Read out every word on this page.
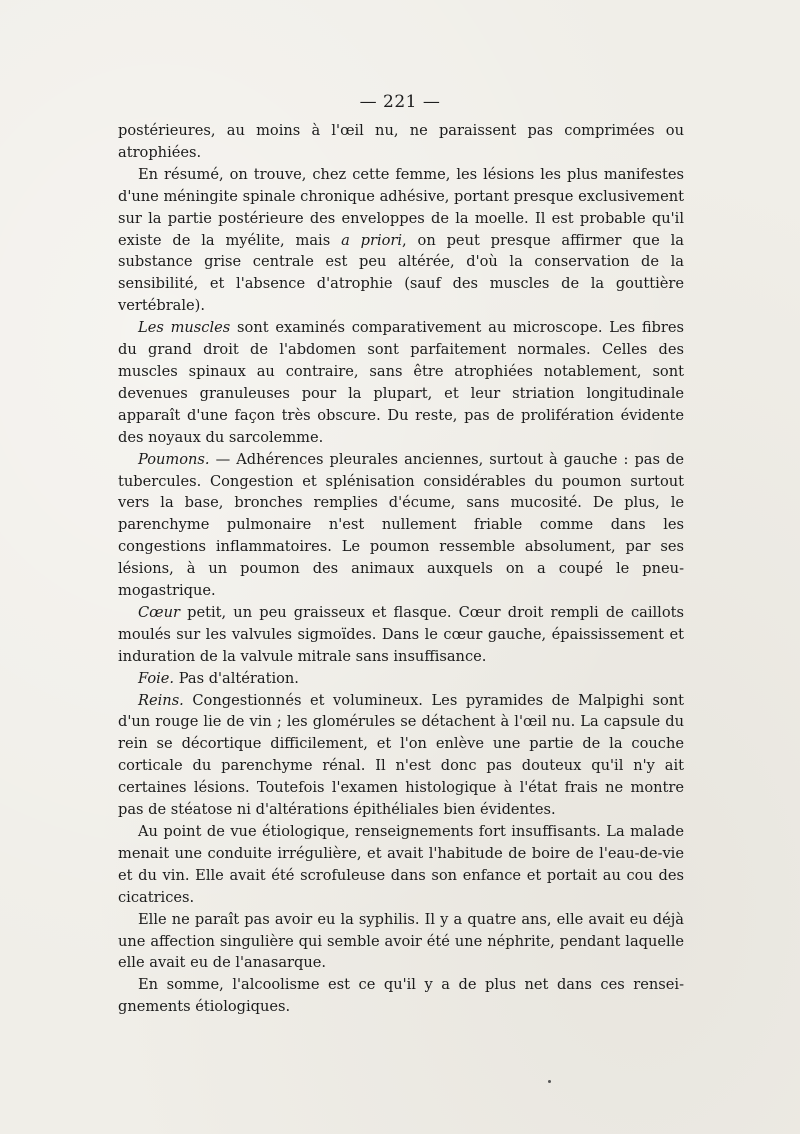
— 221 —

postérieures, au moins à l'œil nu, ne paraissent pas comprimées ou atrophiées.

En résumé, on trouve, chez cette femme, les lésions les plus manifestes d'une méningite spinale chronique adhésive, portant presque exclusivement sur la partie postérieure des enveloppes de la moelle. Il est probable qu'il existe de la myélite, mais a priori, on peut presque affirmer que la substance grise centrale est peu altérée, d'où la conservation de la sensibilité, et l'absence d'atrophie (sauf des muscles de la gouttière vertébrale).

Les muscles sont examinés comparativement au microscope. Les fibres du grand droit de l'abdomen sont parfaitement normales. Celles des muscles spinaux au contraire, sans être atrophiées notablement, sont devenues granuleuses pour la plupart, et leur striation longitudinale apparaît d'une façon très obscure. Du reste, pas de prolifération évidente des noyaux du sarcolemme.

Poumons. — Adhérences pleurales anciennes, surtout à gauche : pas de tubercules. Congestion et splénisation considérables du poumon surtout vers la base, bronches remplies d'écume, sans mucosité. De plus, le parenchyme pulmonaire n'est nullement friable comme dans les congestions inflammatoires. Le poumon ressemble absolument, par ses lésions, à un poumon des animaux auxquels on a coupé le pneumogastrique.

Cœur petit, un peu graisseux et flasque. Cœur droit rempli de caillots moulés sur les valvules sigmoïdes. Dans le cœur gauche, épaississement et induration de la valvule mitrale sans insuffisance.

Foie. Pas d'altération.

Reins. Congestionnés et volumineux. Les pyramides de Malpighi sont d'un rouge lie de vin ; les glomérules se détachent à l'œil nu. La capsule du rein se décortique difficilement, et l'on enlève une partie de la couche corticale du parenchyme rénal. Il n'est donc pas douteux qu'il n'y ait certaines lésions. Toutefois l'examen histologique à l'état frais ne montre pas de stéatose ni d'altérations épithéliales bien évidentes.

Au point de vue étiologique, renseignements fort insuffisants. La malade menait une conduite irrégulière, et avait l'habitude de boire de l'eau-de-vie et du vin. Elle avait été scrofuleuse dans son enfance et portait au cou des cicatrices.

Elle ne paraît pas avoir eu la syphilis. Il y a quatre ans, elle avait eu déjà une affection singulière qui semble avoir été une néphrite, pendant laquelle elle avait eu de l'anasarque.

En somme, l'alcoolisme est ce qu'il y a de plus net dans ces renseignements étiologiques.
